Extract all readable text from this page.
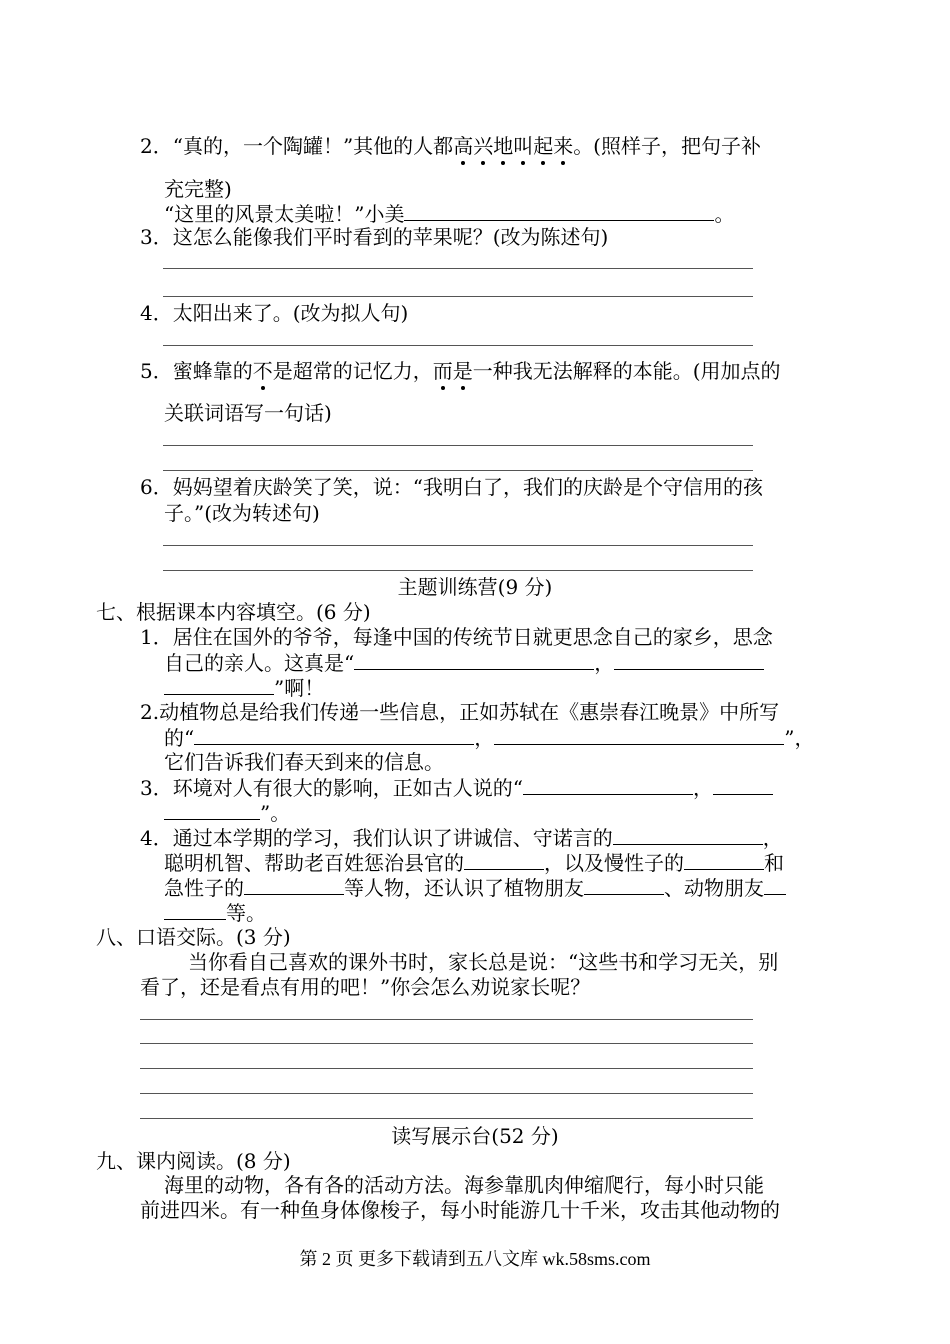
2．“真的，一个陶罐！”其他的人都高兴地叫起来。(照样子，把句子补
充完整)
“这里的风景太美啦！”小美	。
3．这怎么能像我们平时看到的苹果呢？(改为陈述句)
4．太阳出来了。(改为拟人句)
5．蜜蜂靠的不是超常的记忆力，而是一种我无法解释的本能。(用加点的
关联词语写一句话)
6．妈妈望着庆龄笑了笑，说：“我明白了，我们的庆龄是个守信用的孩
子。”(改为转述句)
主题训练营(9 分)
七、根据课本内容填空。(6 分)
1．居住在国外的爷爷，每逢中国的传统节日就更思念自己的家乡，思念
自己的亲人。这真是“	，
”啊！
2.动植物总是给我们传递一些信息，正如苏轼在《惠崇春江晚景》中所写
的“	，	”，
它们告诉我们春天到来的信息。
3．环境对人有很大的影响，正如古人说的“	，
”。
4．通过本学期的学习，我们认识了讲诚信、守诺言的	，
聪明机智、帮助老百姓惩治县官的	，以及慢性子的	和
急性子的	等人物，还认识了植物朋友	、动物朋友
等。
八、口语交际。(3 分)
当你看自己喜欢的课外书时，家长总是说：“这些书和学习无关，别
看了，还是看点有用的吧！”你会怎么劝说家长呢？
读写展示台(52 分)
九、课内阅读。(8 分)
海里的动物，各有各的活动方法。海参靠肌肉伸缩爬行，每小时只能
前进四米。有一种鱼身体像梭子，每小时能游几十千米，攻击其他动物的
第 2 页 更多下载请到五八文库 wk.58sms.com
